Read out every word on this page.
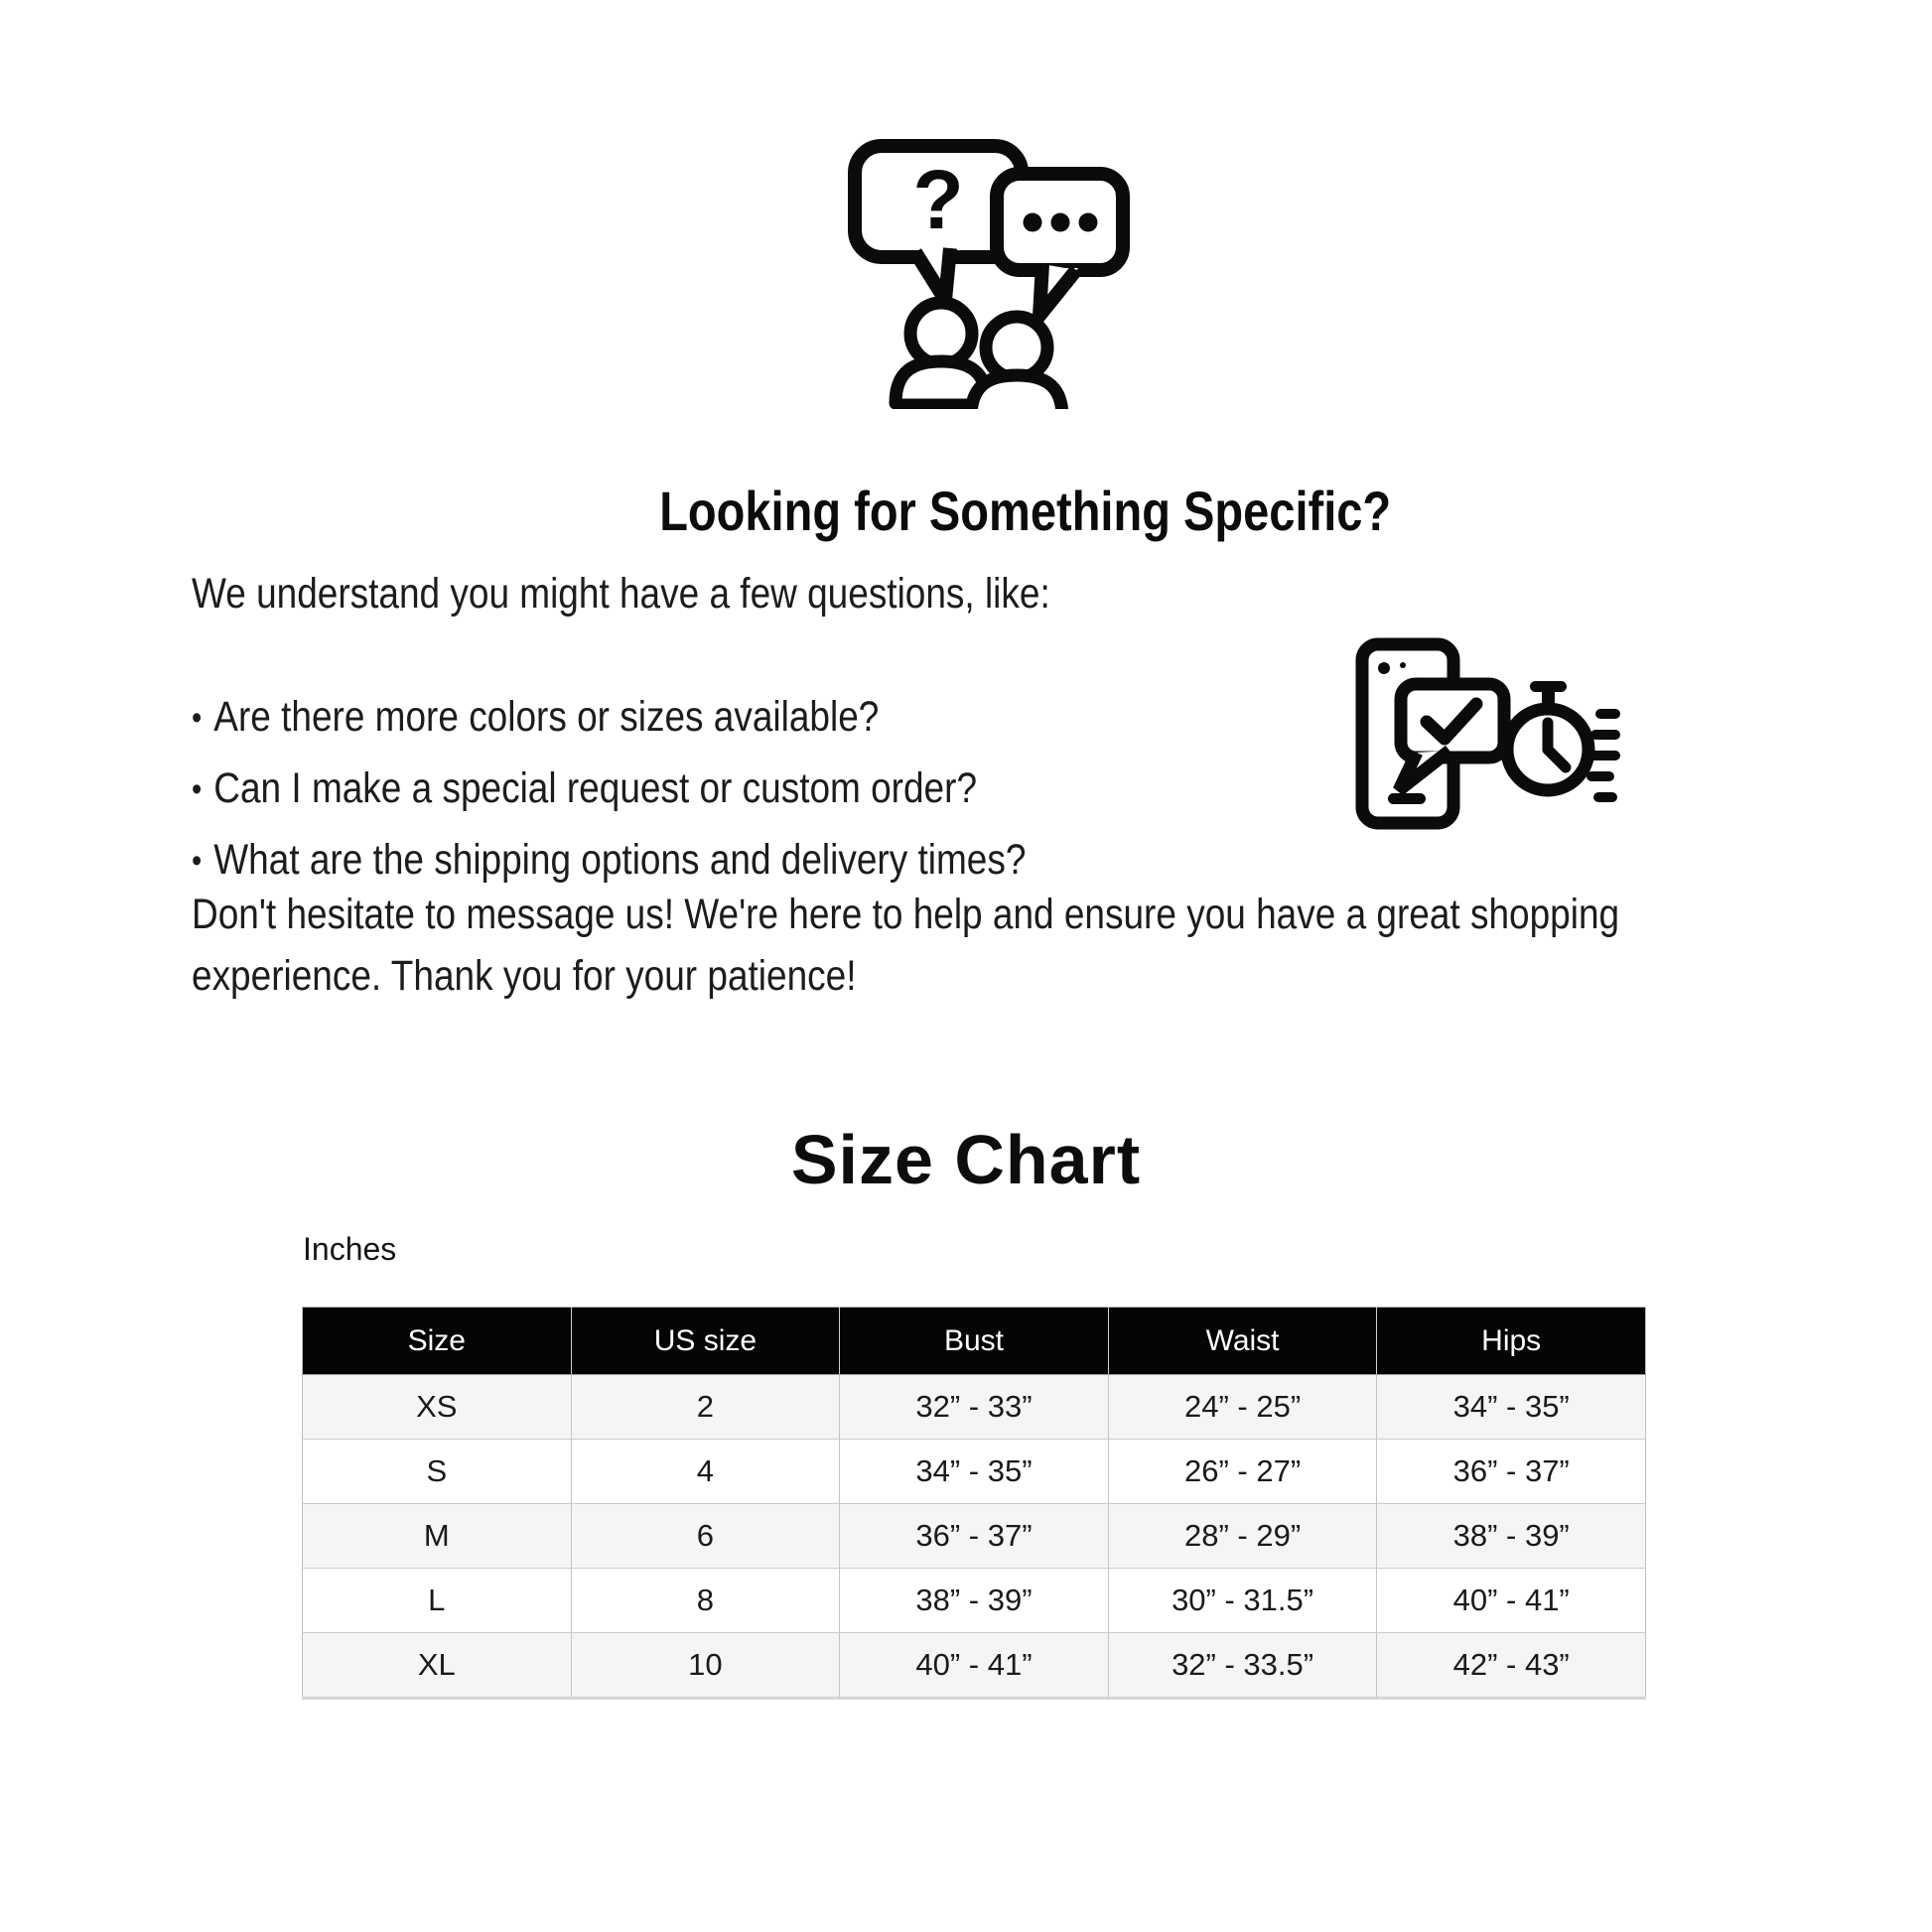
?
Looking for Something Specific?
We understand you might have a few questions, like:
• Are there more colors or sizes available?
• Can I make a special request or custom order?
• What are the shipping options and delivery times?
Don't hesitate to message us! We're here to help and ensure you have a great shopping
experience. Thank you for your patience!
Size Chart
Inches
Size	US size	Bust	Waist	Hips
XS	2	32” - 33”	24” - 25”	34” - 35”
S	4	34” - 35”	26” - 27”	36” - 37”
M	6	36” - 37”	28” - 29”	38” - 39”
L	8	38” - 39”	30” - 31.5”	40” - 41”
XL	10	40” - 41”	32” - 33.5”	42” - 43”
